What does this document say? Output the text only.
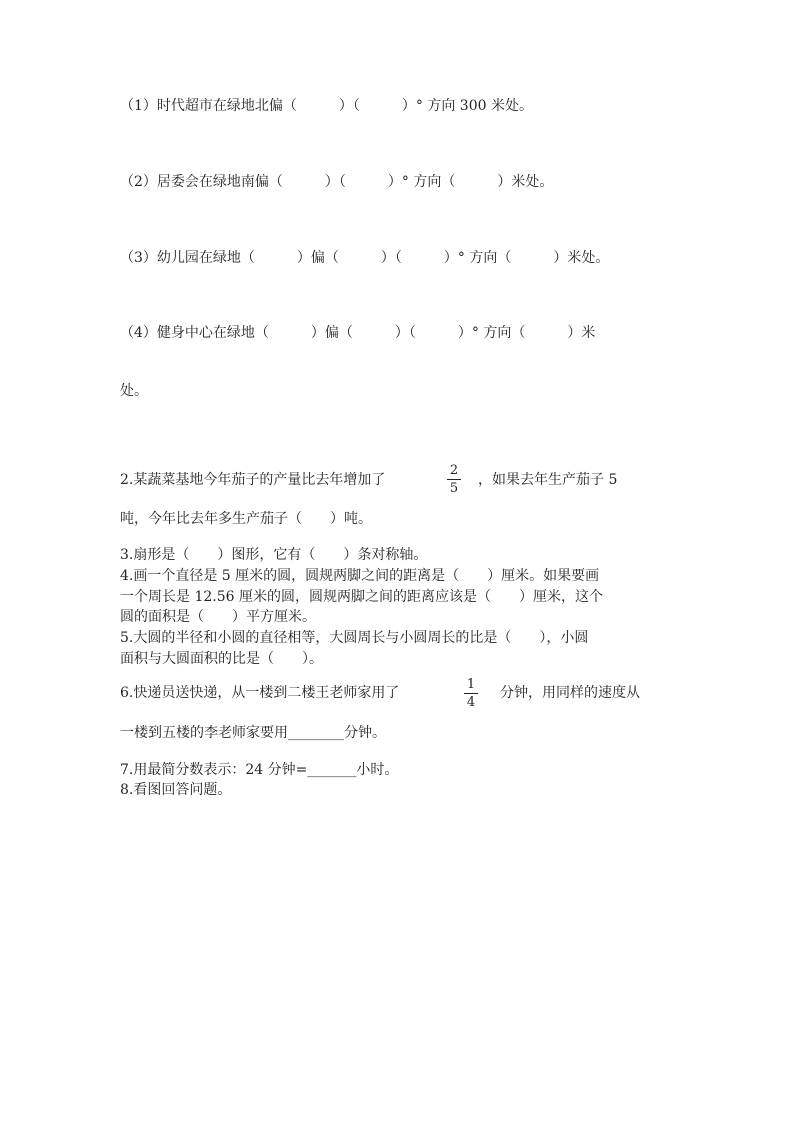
（1）时代超市在绿地北偏（　　　）（　　　）° 方向 300 米处。
（2）居委会在绿地南偏（　　　）（　　　）° 方向（　　　）米处。
（3）幼儿园在绿地（　　　）偏（　　　）（　　　）° 方向（　　　）米处。
（4）健身中心在绿地（　　　）偏（　　　）（　　　）° 方向（　　　）米
处。
2.某蔬菜基地今年茄子的产量比去年增加了
2
5
，如果去年生产茄子 5
吨，今年比去年多生产茄子（　　）吨。
3.扇形是（　　）图形，它有（　　）条对称轴。
4.画一个直径是 5 厘米的圆，圆规两脚之间的距离是（　　）厘米。如果要画
一个周长是 12.56 厘米的圆，圆规两脚之间的距离应该是（　　）厘米，这个
圆的面积是（　　）平方厘米。
5.大圆的半径和小圆的直径相等，大圆周长与小圆周长的比是（　　），小圆
面积与大圆面积的比是（　　）。
6.快递员送快递，从一楼到二楼王老师家用了
1
4
分钟，用同样的速度从
一楼到五楼的李老师家要用________分钟。
7.用最简分数表示：24 分钟=_______小时。
8.看图回答问题。
